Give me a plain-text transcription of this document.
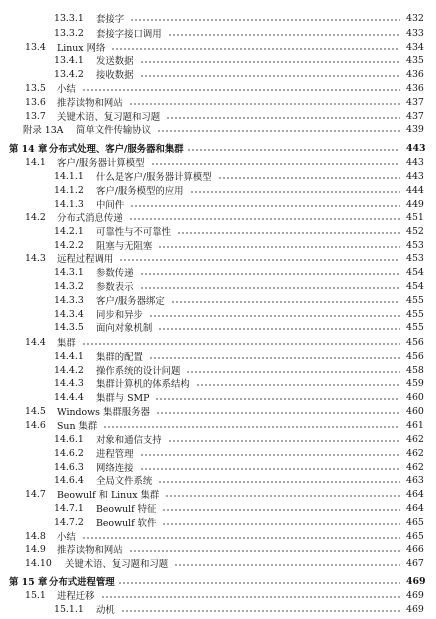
13.3.1	套接字	432
13.3.2	套接字接口调用	433
13.4	Linux 网络	434
13.4.1	发送数据	435
13.4.2	接收数据	436
13.5	小结	436
13.6	推荐读物和网站	437
13.7	关键术语、复习题和习题	437
附录 13A	简单文件传输协议	439
第 14 章 分布式处理、客户/服务器和集群	443
14.1	客户/服务器计算模型	443
14.1.1	什么是客户/服务器计算模型	443
14.1.2	客户/服务模型的应用	444
14.1.3	中间件	449
14.2	分布式消息传递	451
14.2.1	可靠性与不可靠性	452
14.2.2	阻塞与无阻塞	453
14.3	远程过程调用	453
14.3.1	参数传递	454
14.3.2	参数表示	454
14.3.3	客户/服务器绑定	455
14.3.4	同步和异步	455
14.3.5	面向对象机制	455
14.4	集群	456
14.4.1	集群的配置	456
14.4.2	操作系统的设计问题	458
14.4.3	集群计算机的体系结构	459
14.4.4	集群与 SMP	460
14.5	Windows 集群服务器	460
14.6	Sun 集群	461
14.6.1	对象和通信支持	462
14.6.2	进程管理	462
14.6.3	网络连接	462
14.6.4	全局文件系统	463
14.7	Beowulf 和 Linux 集群	464
14.7.1	Beowulf 特征	464
14.7.2	Beowulf 软件	465
14.8	小结	465
14.9	推荐读物和网站	466
14.10	关键术语、复习题和习题	467
第 15 章 分布式进程管理	469
15.1	进程迁移	469
15.1.1	动机	469
